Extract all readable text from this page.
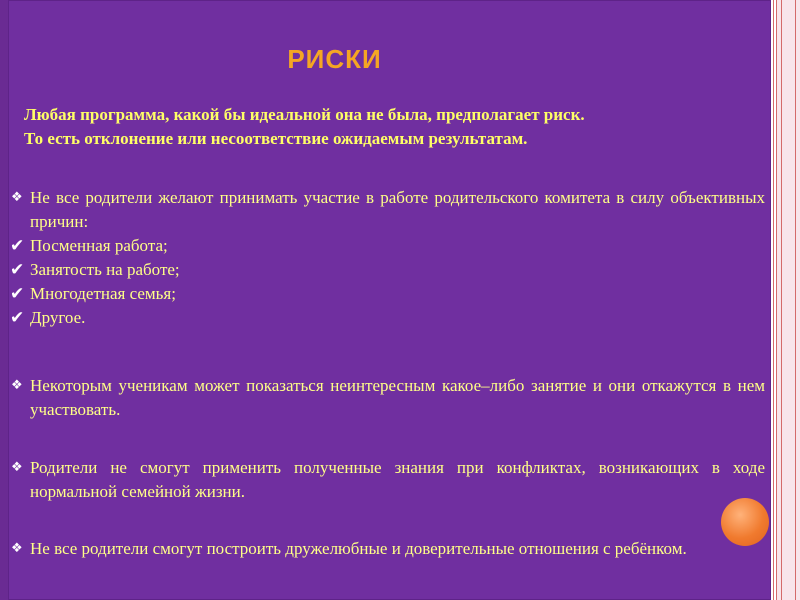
РИСКИ
Любая программа, какой бы идеальной она не была, предполагает риск.
То есть отклонение или несоответствие ожидаемым результатам.
❖ Не все родители желают принимать участие в работе родительского комитета в силу объективных причин:
✔ Посменная работа;
✔ Занятость на работе;
✔ Многодетная семья;
✔ Другое.
❖ Некоторым ученикам может показаться неинтересным какое–либо занятие и они откажутся в нем участвовать.
❖ Родители не смогут применить полученные знания при конфликтах, возникающих в ходе нормальной семейной жизни.
❖ Не все родители смогут построить дружелюбные и доверительные отношения с ребёнком.
